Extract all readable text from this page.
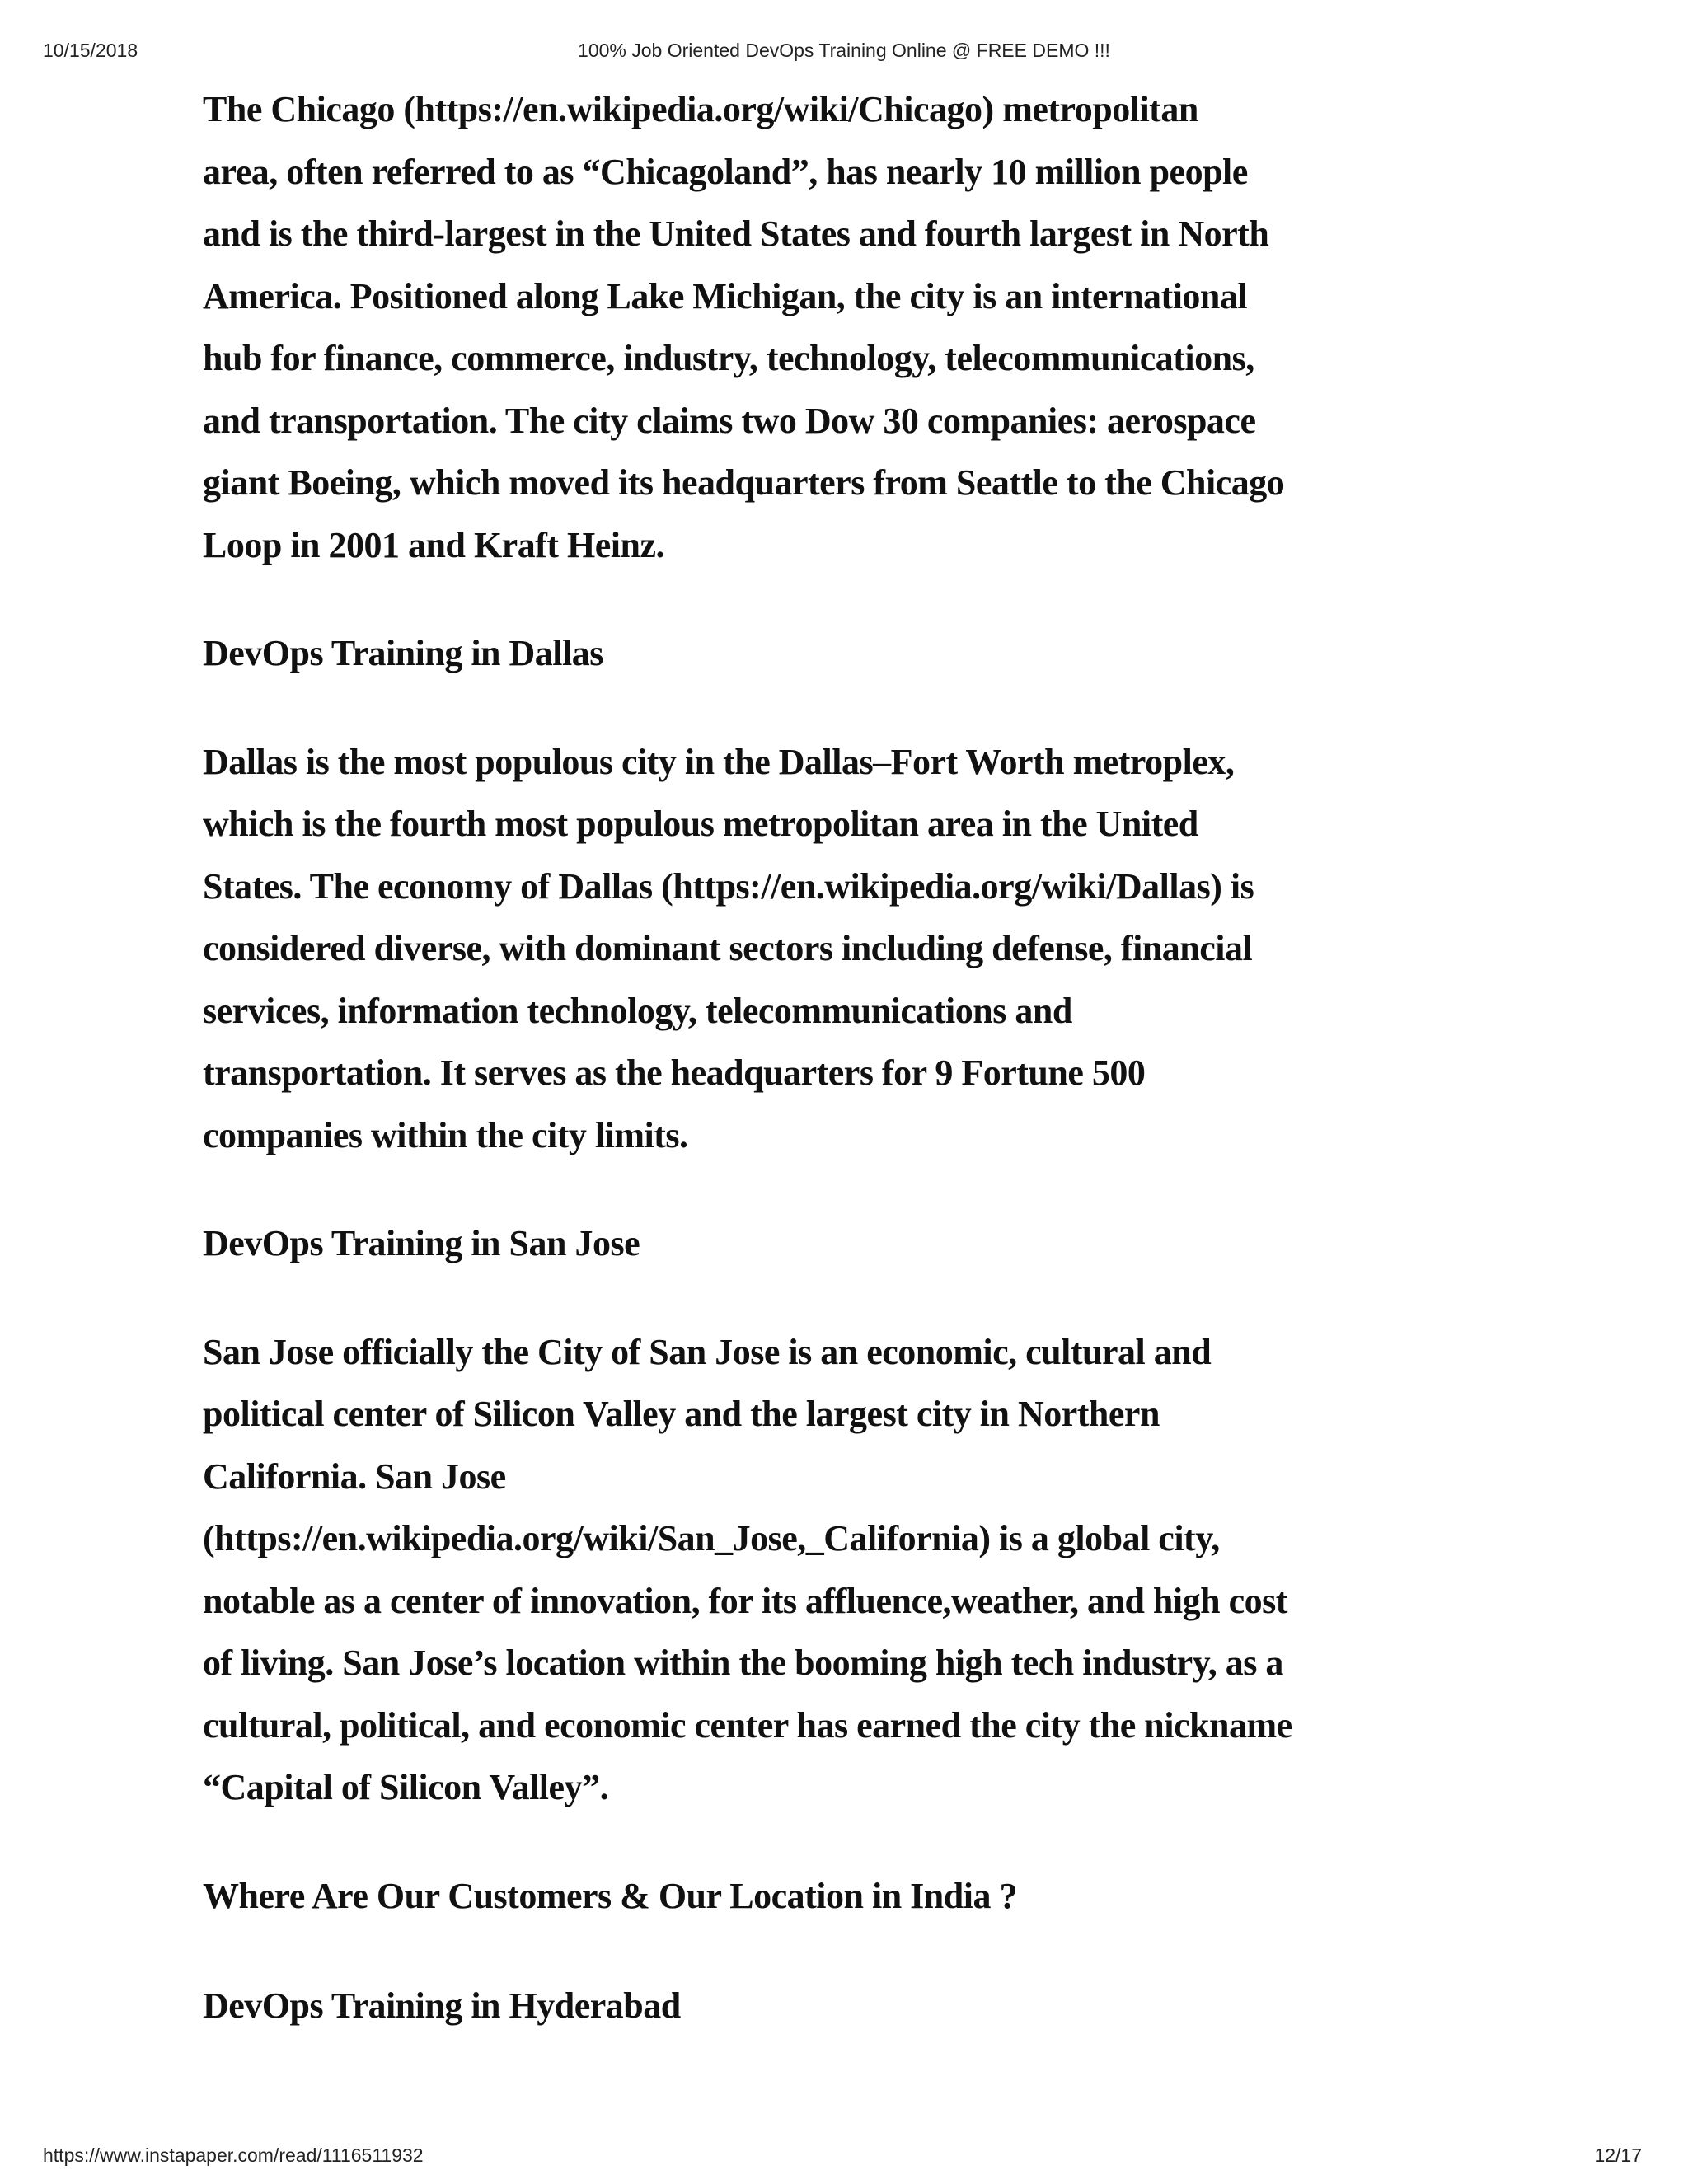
10/15/2018	100% Job Oriented DevOps Training Online @ FREE DEMO !!!

The Chicago (https://en.wikipedia.org/wiki/Chicago) metropolitan
area, often referred to as “Chicagoland”, has nearly 10 million people
and is the third-largest in the United States and fourth largest in North
America. Positioned along Lake Michigan, the city is an international
hub for finance, commerce, industry, technology, telecommunications,
and transportation. The city claims two Dow 30 companies: aerospace
giant Boeing, which moved its headquarters from Seattle to the Chicago
Loop in 2001 and Kraft Heinz.

DevOps Training in Dallas

Dallas is the most populous city in the Dallas–Fort Worth metroplex,
which is the fourth most populous metropolitan area in the United
States. The economy of Dallas (https://en.wikipedia.org/wiki/Dallas) is
considered diverse, with dominant sectors including defense, financial
services, information technology, telecommunications and
transportation. It serves as the headquarters for 9 Fortune 500
companies within the city limits.

DevOps Training in San Jose

San Jose officially the City of San Jose is an economic, cultural and
political center of Silicon Valley and the largest city in Northern
California. San Jose
(https://en.wikipedia.org/wiki/San_Jose,_California) is a global city,
notable as a center of innovation, for its affluence,weather, and high cost
of living. San Jose’s location within the booming high tech industry, as a
cultural, political, and economic center has earned the city the nickname
“Capital of Silicon Valley”.

Where Are Our Customers & Our Location in India ?

DevOps Training in Hyderabad

https://www.instapaper.com/read/1116511932	12/17
